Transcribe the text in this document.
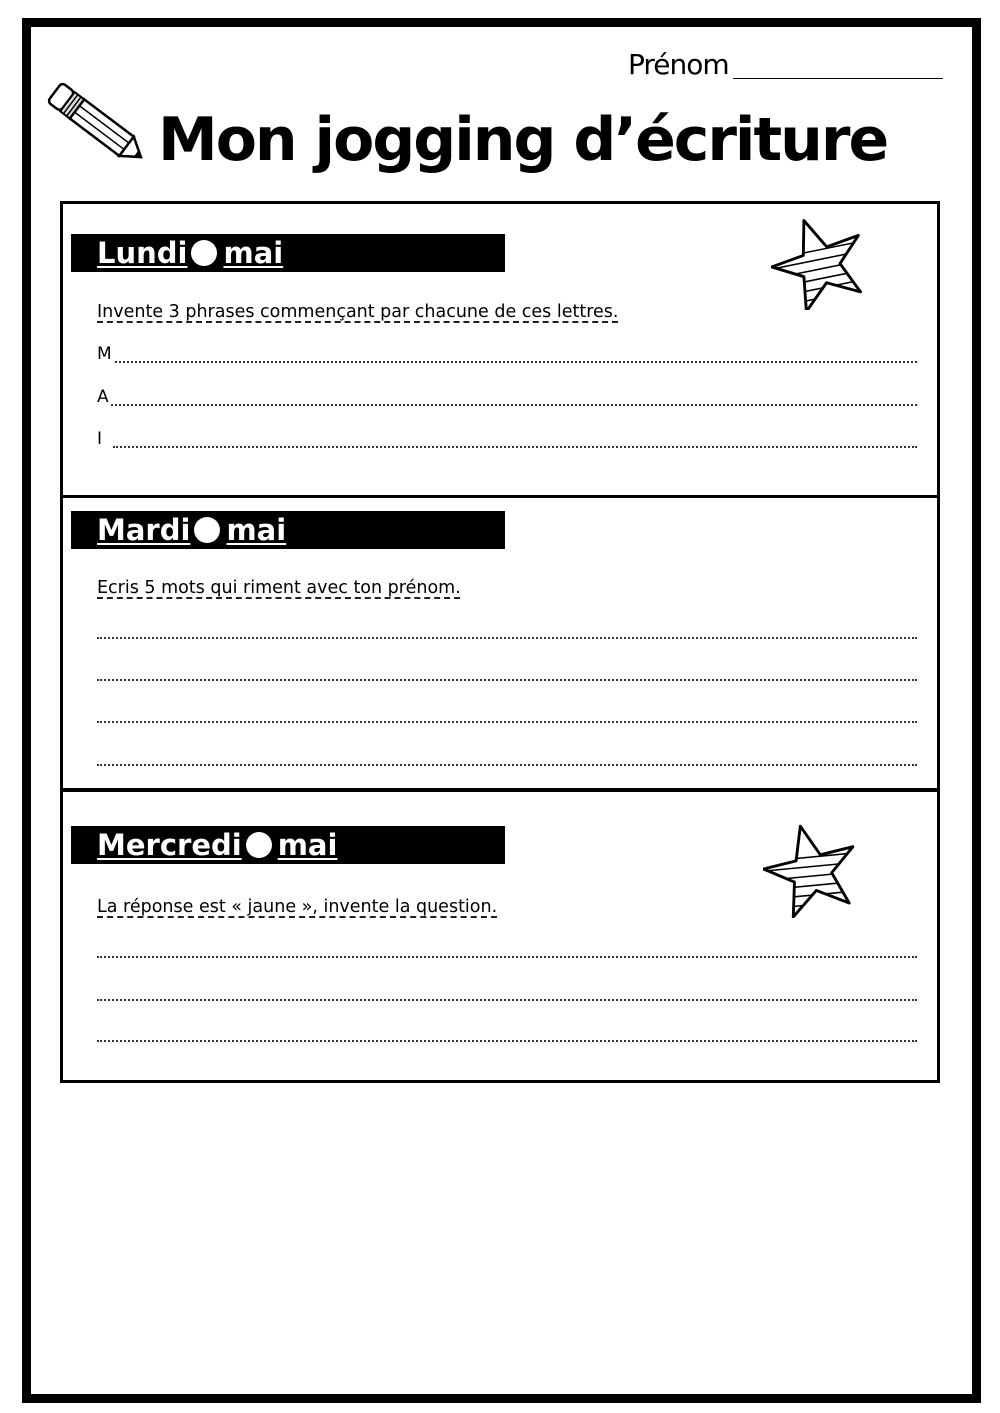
Prénom
Mon jogging d’écriture
Lundi mai
Invente 3 phrases commençant par chacune de ces lettres.
M
A
I
Mardi mai
Ecris 5 mots qui riment avec ton prénom.
Mercredi mai
La réponse est « jaune », invente la question.
